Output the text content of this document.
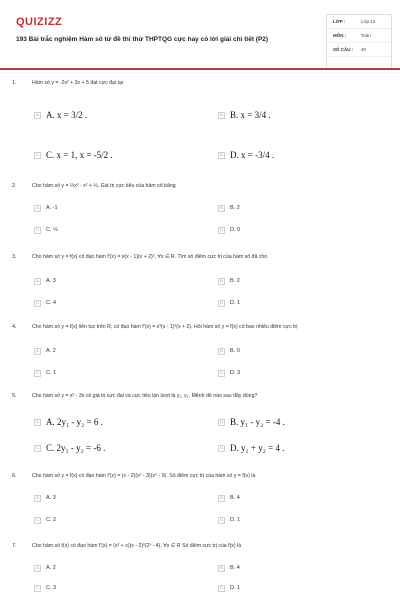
QUIZIZZ
193 Bài trắc nghiệm Hàm số từ đề thi thử THPTQG cực hay có lời giải chi tiết (P2)
LỚP :	Lớp 12
MÔN :	Toán
SỐ CÂU :	40
1.	Hàm số y = -2x² + 3x + 5 đạt cực đại tại
A A. x = 3/2 .	B B. x = 3/4 .
C C. x = 1, x = -5/2 .	D D. x = -3/4 .
2.	Cho hàm số y = ⅓x³ - x² + ⅓. Giá trị cực tiểu của hàm số bằng
A	A. -1	B	B. 2
C	C. ⅓	D	D. 0
3.	Cho hàm số y = f(x) có đạo hàm f'(x) = x(x - 1)(x + 2)², ∀x ∈ R. Tìm số điểm cực trị của hàm số đã cho
A	A. 3	B	B. 2
C	C. 4	D	D. 1
4.	Cho hàm số y = f(x) liên tục trên R, có đạo hàm f'(x) = x³(x - 1)²(x + 2). Hỏi hàm số y = f(x) có bao nhiêu điểm cực trị
A	A. 2	B	B. 0
C	C. 1	D	D. 3
5.	Cho hàm số y = x³ - 3x có giá trị cực đại và cực tiểu lần lượt là y₁, y₂. Mệnh đề nào sau đây đúng?
A A. 2y₁ - y₂ = 6 .	B B. y₁ - y₂ = -4 .
C C. 2y₁ - y₂ = -6 .	D D. y₁ + y₂ = 4 .
6.	Cho hàm số y = f(x) có đạo hàm f'(x) = (x - 2)(x² - 3)(x⁴ - 9). Số điểm cực trị của hàm số y = f(x) là
A	A. 3	B	B. 4
C	C. 2	D	D. 1
7.	Cho hàm số f(x) có đạo hàm f'(x) = (x² + x)(x - 2)²(2ˣ - 4), ∀x ∈ R Số điểm cực trị của f(x) là
A	A. 2	B	B. 4
C	C. 3	D	D. 1
